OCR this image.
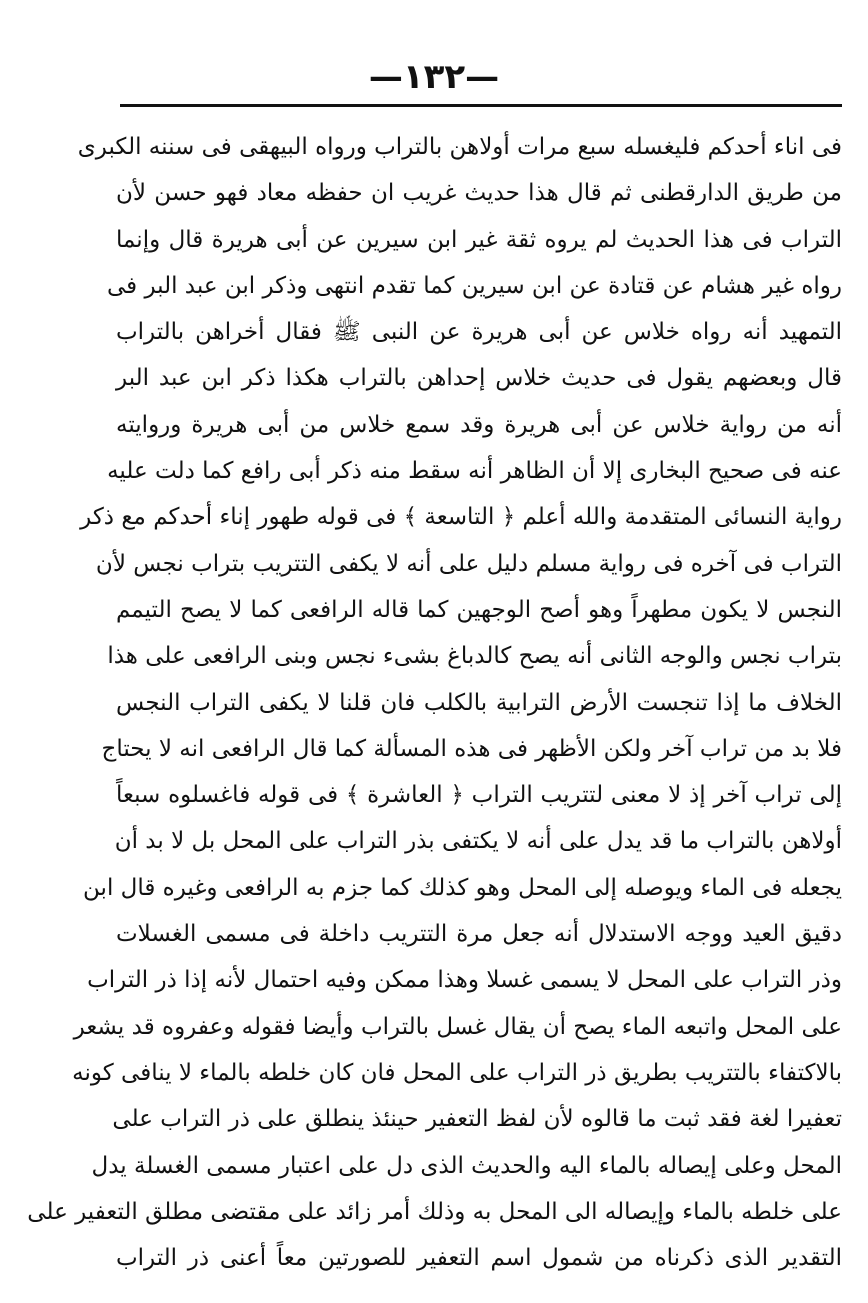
—١٣٢—
فى اناء أحدكم فليغسله سبع مرات أولاهن بالتراب ورواه البيهقى فى سننه الكبرى
من طريق الدارقطنى ثم قال هذا حديث غريب ان حفظه معاد فهو حسن لأن
التراب فى هذا الحديث لم يروه ثقة غير ابن سيرين عن أبى هريرة قال وإنما
رواه غير هشام عن قتادة عن ابن سيرين كما تقدم انتهى وذكر ابن عبد البر فى
التمهيد أنه رواه خلاس عن أبى هريرة عن النبى ﷺ فقال أخراهن بالتراب
قال وبعضهم يقول فى حديث خلاس إحداهن بالتراب هكذا ذكر ابن عبد البر
أنه من رواية خلاس عن أبى هريرة وقد سمع خلاس من أبى هريرة وروايته
عنه فى صحيح البخارى إلا أن الظاهر أنه سقط منه ذكر أبى رافع كما دلت عليه
رواية النسائى المتقدمة والله أعلم ﴿ التاسعة ﴾ فى قوله طهور إناء أحدكم مع ذكر
التراب فى آخره فى رواية مسلم دليل على أنه لا يكفى التتريب بتراب نجس لأن
النجس لا يكون مطهراً وهو أصح الوجهين كما قاله الرافعى كما لا يصح التيمم
بتراب نجس والوجه الثانى أنه يصح كالدباغ بشىء نجس وبنى الرافعى على هذا
الخلاف ما إذا تنجست الأرض الترابية بالكلب فان قلنا لا يكفى التراب النجس
فلا بد من تراب آخر ولكن الأظهر فى هذه المسألة كما قال الرافعى انه لا يحتاج
إلى تراب آخر إذ لا معنى لتتريب التراب ﴿ العاشرة ﴾ فى قوله فاغسلوه سبعاً
أولاهن بالتراب ما قد يدل على أنه لا يكتفى بذر التراب على المحل بل لا بد أن
يجعله فى الماء ويوصله إلى المحل وهو كذلك كما جزم به الرافعى وغيره قال ابن
دقيق العيد ووجه الاستدلال أنه جعل مرة التتريب داخلة فى مسمى الغسلات
وذر التراب على المحل لا يسمى غسلا وهذا ممكن وفيه احتمال لأنه إذا ذر التراب
على المحل واتبعه الماء يصح أن يقال غسل بالتراب وأيضا فقوله وعفروه قد يشعر
بالاكتفاء بالتتريب بطريق ذر التراب على المحل فان كان خلطه بالماء لا ينافى كونه
تعفيرا لغة فقد ثبت ما قالوه لأن لفظ التعفير حينئذ ينطلق على ذر التراب على
المحل وعلى إيصاله بالماء اليه والحديث الذى دل على اعتبار مسمى الغسلة يدل
على خلطه بالماء وإيصاله الى المحل به وذلك أمر زائد على مقتضى مطلق التعفير على
التقدير الذى ذكرناه من شمول اسم التعفير للصورتين معاً أعنى ذر التراب
